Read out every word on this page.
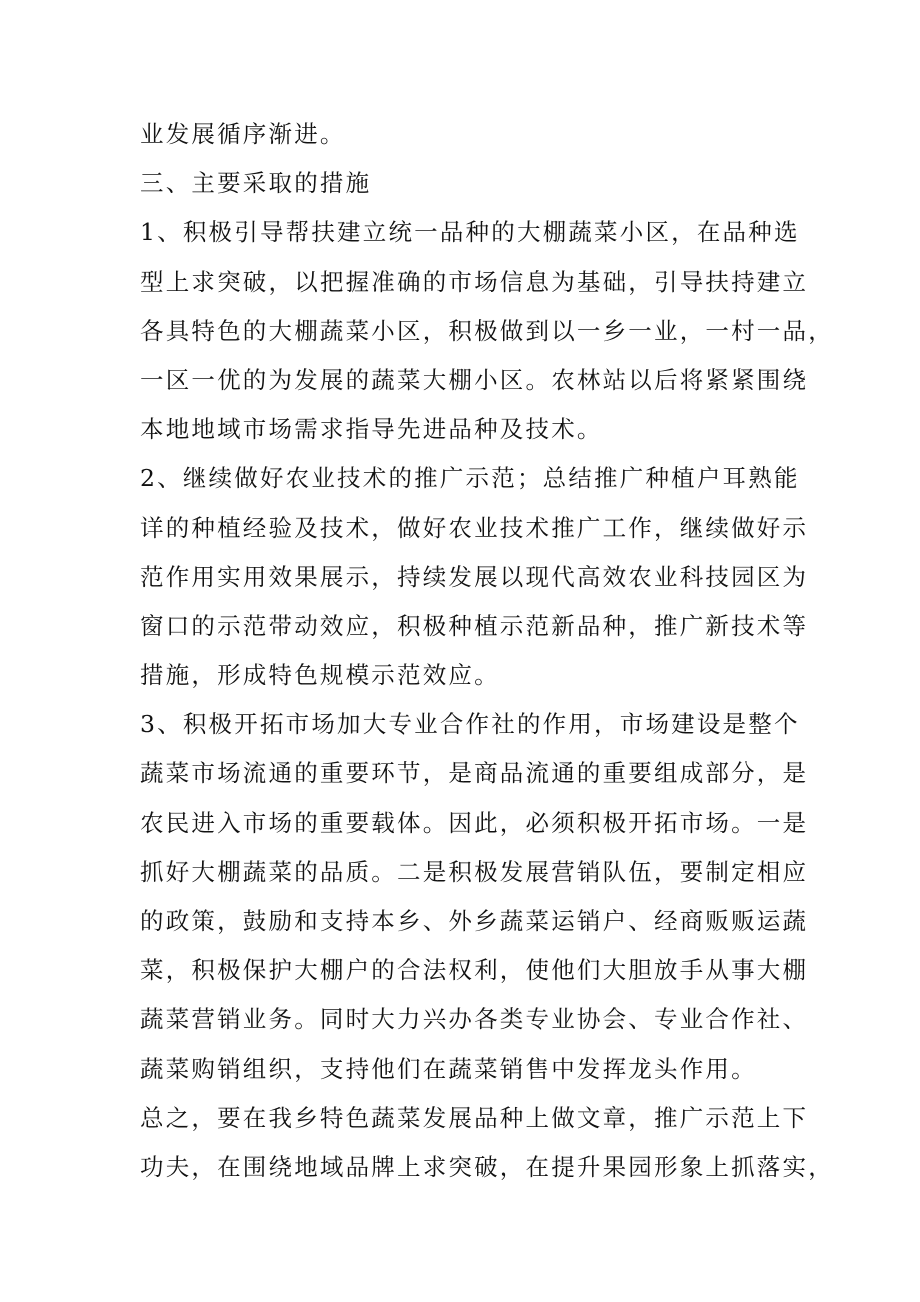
业发展循序渐进。
三、主要采取的措施
1、积极引导帮扶建立统一品种的大棚蔬菜小区，在品种选
型上求突破，以把握准确的市场信息为基础，引导扶持建立
各具特色的大棚蔬菜小区，积极做到以一乡一业，一村一品，
一区一优的为发展的蔬菜大棚小区。农林站以后将紧紧围绕
本地地域市场需求指导先进品种及技术。
2、继续做好农业技术的推广示范；总结推广种植户耳熟能
详的种植经验及技术，做好农业技术推广工作，继续做好示
范作用实用效果展示，持续发展以现代高效农业科技园区为
窗口的示范带动效应，积极种植示范新品种，推广新技术等
措施，形成特色规模示范效应。
3、积极开拓市场加大专业合作社的作用，市场建设是整个
蔬菜市场流通的重要环节，是商品流通的重要组成部分，是
农民进入市场的重要载体。因此，必须积极开拓市场。一是
抓好大棚蔬菜的品质。二是积极发展营销队伍，要制定相应
的政策，鼓励和支持本乡、外乡蔬菜运销户、经商贩贩运蔬
菜，积极保护大棚户的合法权利，使他们大胆放手从事大棚
蔬菜营销业务。同时大力兴办各类专业协会、专业合作社、
蔬菜购销组织，支持他们在蔬菜销售中发挥龙头作用。
总之，要在我乡特色蔬菜发展品种上做文章，推广示范上下
功夫，在围绕地域品牌上求突破，在提升果园形象上抓落实，
